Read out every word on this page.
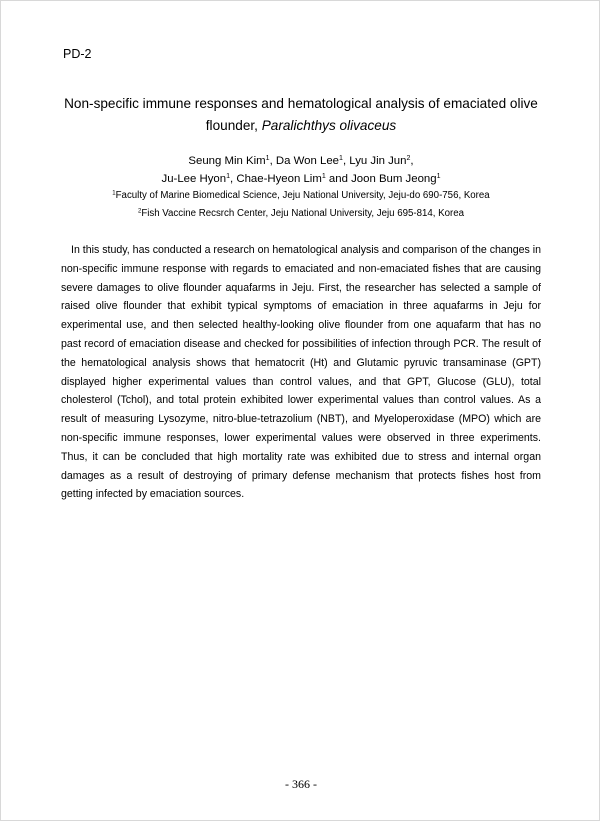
PD-2
Non-specific immune responses and hematological analysis of emaciated olive
flounder, Paralichthys olivaceus
Seung Min Kim$^1$, Da Won Lee$^1$, Lyu Jin Jun$^2$,
Ju-Lee Hyon$^1$, Chae-Hyeon Lim$^1$ and Joon Bum Jeong$^1$
$^1$Faculty of Marine Biomedical Science, Jeju National University, Jeju-do 690-756, Korea
$^2$Fish Vaccine Recsrch Center, Jeju National University, Jeju 695-814, Korea

In this study, has conducted a research on hematological analysis and comparison of the changes in non-specific immune response with regards to emaciated and non-emaciated fishes that are causing severe damages to olive flounder aquafarms in Jeju. First, the researcher has selected a sample of raised olive flounder that exhibit typical symptoms of emaciation in three aquafarms in Jeju for experimental use, and then selected healthy-looking olive flounder from one aquafarm that has no past record of emaciation disease and checked for possibilities of infection through PCR. The result of the hematological analysis shows that hematocrit (Ht) and Glutamic pyruvic transaminase (GPT) displayed higher experimental values than control values, and that GPT, Glucose (GLU), total cholesterol (Tchol), and total protein exhibited lower experimental values than control values. As a result of measuring Lysozyme, nitro-blue-tetrazolium (NBT), and Myeloperoxidase (MPO) which are non-specific immune responses, lower experimental values were observed in three experiments. Thus, it can be concluded that high mortality rate was exhibited due to stress and internal organ damages as a result of destroying of primary defense mechanism that protects fishes host from getting infected by emaciation sources.

- 366 -
